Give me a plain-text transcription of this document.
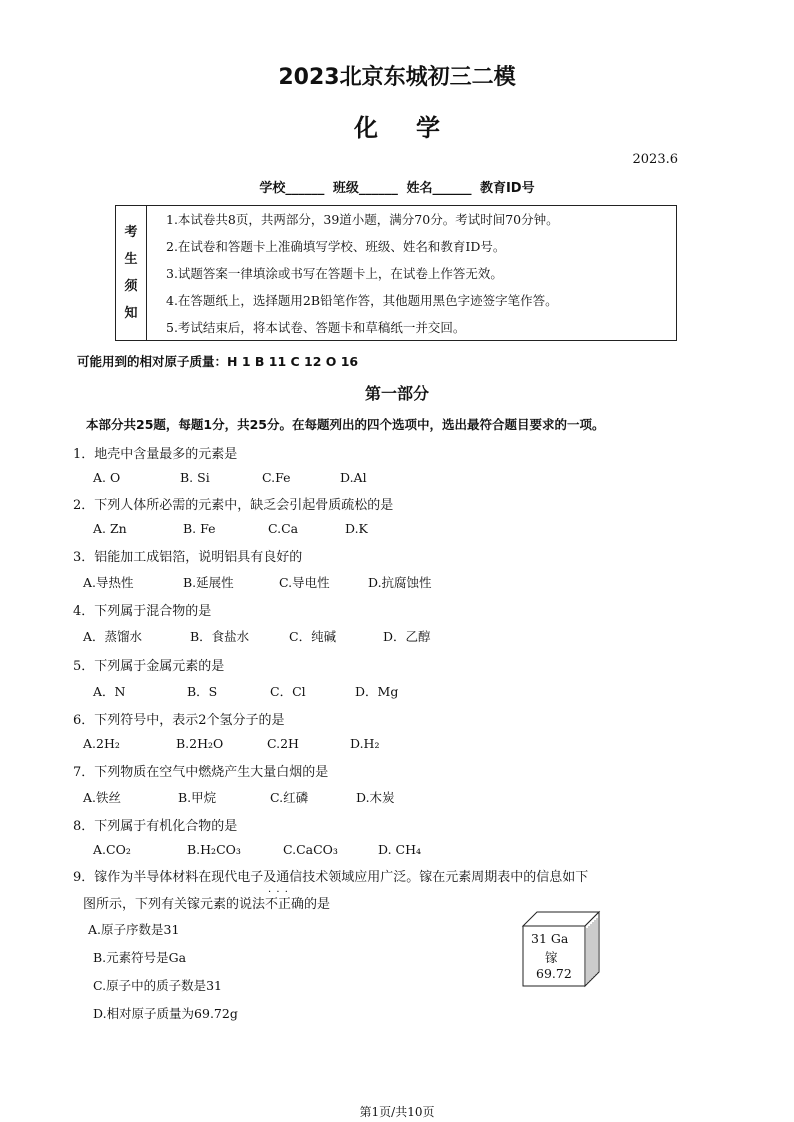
2023北京东城初三二模
化学
2023.6
学校______ 班级______ 姓名______ 教育ID号
考
生
须
知
1.本试卷共8页，共两部分，39道小题，满分70分。考试时间70分钟。
2.在试卷和答题卡上准确填写学校、班级、姓名和教育ID号。
3.试题答案一律填涂或书写在答题卡上，在试卷上作答无效。
4.在答题纸上，选择题用2B铅笔作答，其他题用黑色字迹签字笔作答。
5.考试结束后，将本试卷、答题卡和草稿纸一并交回。
可能用到的相对原子质量：H 1 B 11 C 12 O 16
第一部分
本部分共25题，每题1分，共25分。在每题列出的四个选项中，选出最符合题目要求的一项。
1．地壳中含量最多的元素是
A. O	B. Si	C.Fe	D.Al
2．下列人体所必需的元素中，缺乏会引起骨质疏松的是
A. Zn	B. Fe	C.Ca	D.K
3．铝能加工成铝箔，说明铝具有良好的
A.导热性	B.延展性	C.导电性	D.抗腐蚀性
4．下列属于混合物的是
A．蒸馏水	B．食盐水	C．纯碱	D．乙醇
5．下列属于金属元素的是
A．N	B．S	C．Cl	D．Mg
6．下列符号中，表示2个氢分子的是
A.2H₂	B.2H₂O	C.2H	D.H₂
7．下列物质在空气中燃烧产生大量白烟的是
A.铁丝	B.甲烷	C.红磷	D.木炭
8．下列属于有机化合物的是
A.CO₂	B.H₂CO₃	C.CaCO₃	D. CH₄
9．镓作为半导体材料在现代电子及通信技术领域应用广泛。镓在元素周期表中的信息如下
图所示，下列有关镓元素的说法不正确 · · ·的是
A.原子序数是31
B.元素符号是Ga
C.原子中的质子数是31
D.相对原子质量为69.72g
31 Ga
镓
69.72
第1页/共10页
